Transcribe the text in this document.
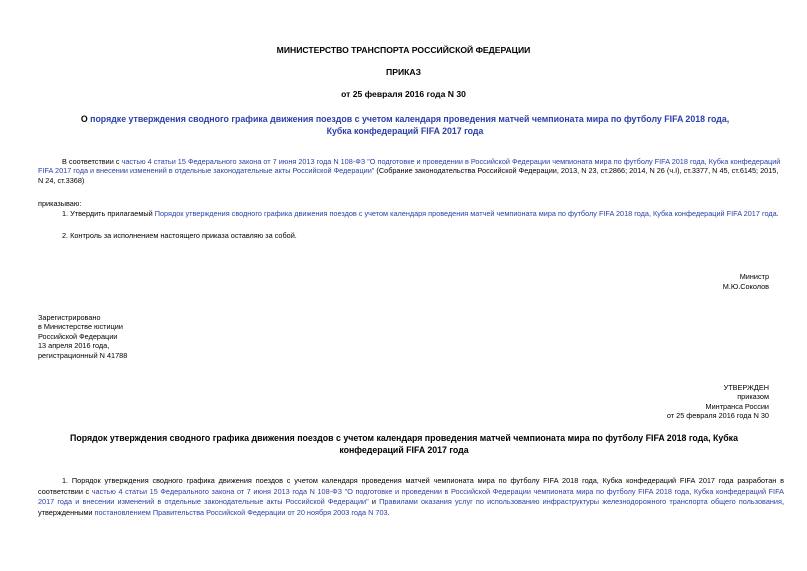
МИНИСТЕРСТВО ТРАНСПОРТА РОССИЙСКОЙ ФЕДЕРАЦИИ
ПРИКАЗ
от 25 февраля 2016 года N 30
О порядке утверждения сводного графика движения поездов с учетом календаря проведения матчей чемпионата мира по футболу FIFA 2018 года, Кубка конфедераций FIFA 2017 года
В соответствии с частью 4 статьи 15 Федерального закона от 7 июня 2013 года N 108-ФЗ "О подготовке и проведении в Российской Федерации чемпионата мира по футболу FIFA 2018 года, Кубка конфедераций FIFA 2017 года и внесении изменений в отдельные законодательные акты Российской Федерации" (Собрание законодательства Российской Федерации, 2013, N 23, ст.2866; 2014, N 26 (ч.I), ст.3377, N 45, ст.6145; 2015, N 24, ст.3368)
приказываю:
1. Утвердить прилагаемый Порядок утверждения сводного графика движения поездов с учетом календаря проведения матчей чемпионата мира по футболу FIFA 2018 года, Кубка конфедераций FIFA 2017 года.
2. Контроль за исполнением настоящего приказа оставляю за собой.
Министр
М.Ю.Соколов
Зарегистрировано
в Министерстве юстиции
Российской Федерации
13 апреля 2016 года,
регистрационный N 41788
УТВЕРЖДЕН
приказом
Минтранса России
от 25 февраля 2016 года N 30
Порядок утверждения сводного графика движения поездов с учетом календаря проведения матчей чемпионата мира по футболу FIFA 2018 года, Кубка конфедераций FIFA 2017 года
1. Порядок утверждения сводного графика движения поездов с учетом календаря проведения матчей чемпионата мира по футболу FIFA 2018 года, Кубка конфедераций FIFA 2017 года разработан в соответствии с частью 4 статьи 15 Федерального закона от 7 июня 2013 года N 108-ФЗ "О подготовке и проведении в Российской Федерации чемпионата мира по футболу FIFA 2018 года, Кубка конфедераций FIFA 2017 года и внесении изменений в отдельные законодательные акты Российской Федерации" и Правилами оказания услуг по использованию инфраструктуры железнодорожного транспорта общего пользования, утвержденными постановлением Правительства Российской Федерации от 20 ноября 2003 года N 703.
